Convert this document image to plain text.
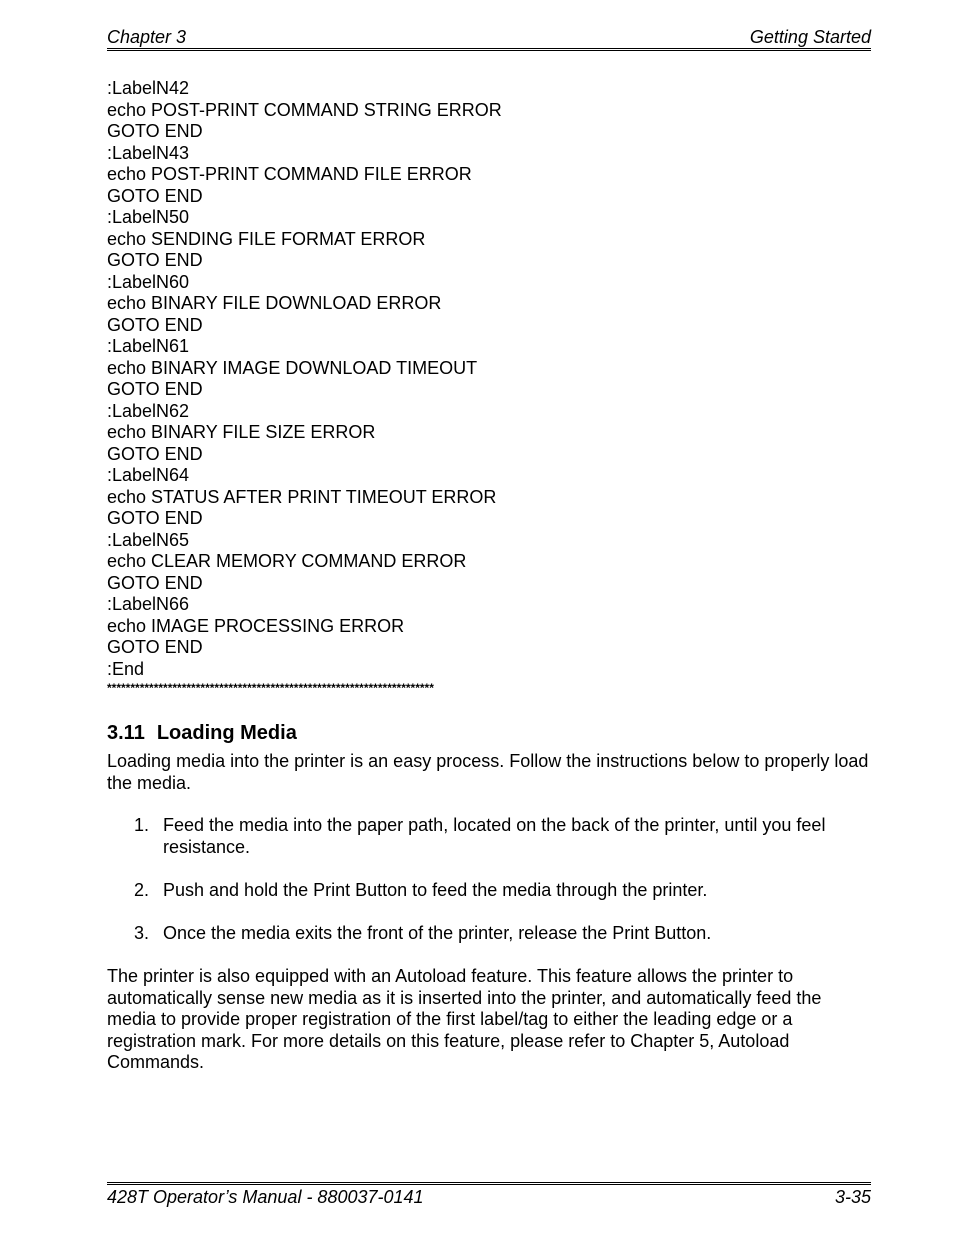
Chapter 3	Getting Started
:LabelN42
echo POST-PRINT COMMAND STRING ERROR
GOTO END
:LabelN43
echo POST-PRINT COMMAND FILE ERROR
GOTO END
:LabelN50
echo SENDING FILE FORMAT ERROR
GOTO END
:LabelN60
echo BINARY FILE DOWNLOAD ERROR
GOTO END
:LabelN61
echo BINARY IMAGE DOWNLOAD TIMEOUT
GOTO END
:LabelN62
echo BINARY FILE SIZE ERROR
GOTO END
:LabelN64
echo STATUS AFTER PRINT TIMEOUT ERROR
GOTO END
:LabelN65
echo CLEAR MEMORY COMMAND ERROR
GOTO END
:LabelN66
echo IMAGE PROCESSING ERROR
GOTO END
:End
**********************************************************************
3.11 Loading Media
Loading media into the printer is an easy process. Follow the instructions below to properly load the media.
1. Feed the media into the paper path, located on the back of the printer, until you feel resistance.
2. Push and hold the Print Button to feed the media through the printer.
3. Once the media exits the front of the printer, release the Print Button.
The printer is also equipped with an Autoload feature. This feature allows the printer to automatically sense new media as it is inserted into the printer, and automatically feed the media to provide proper registration of the first label/tag to either the leading edge or a registration mark. For more details on this feature, please refer to Chapter 5, Autoload Commands.
428T Operator’s Manual - 880037-0141	3-35
